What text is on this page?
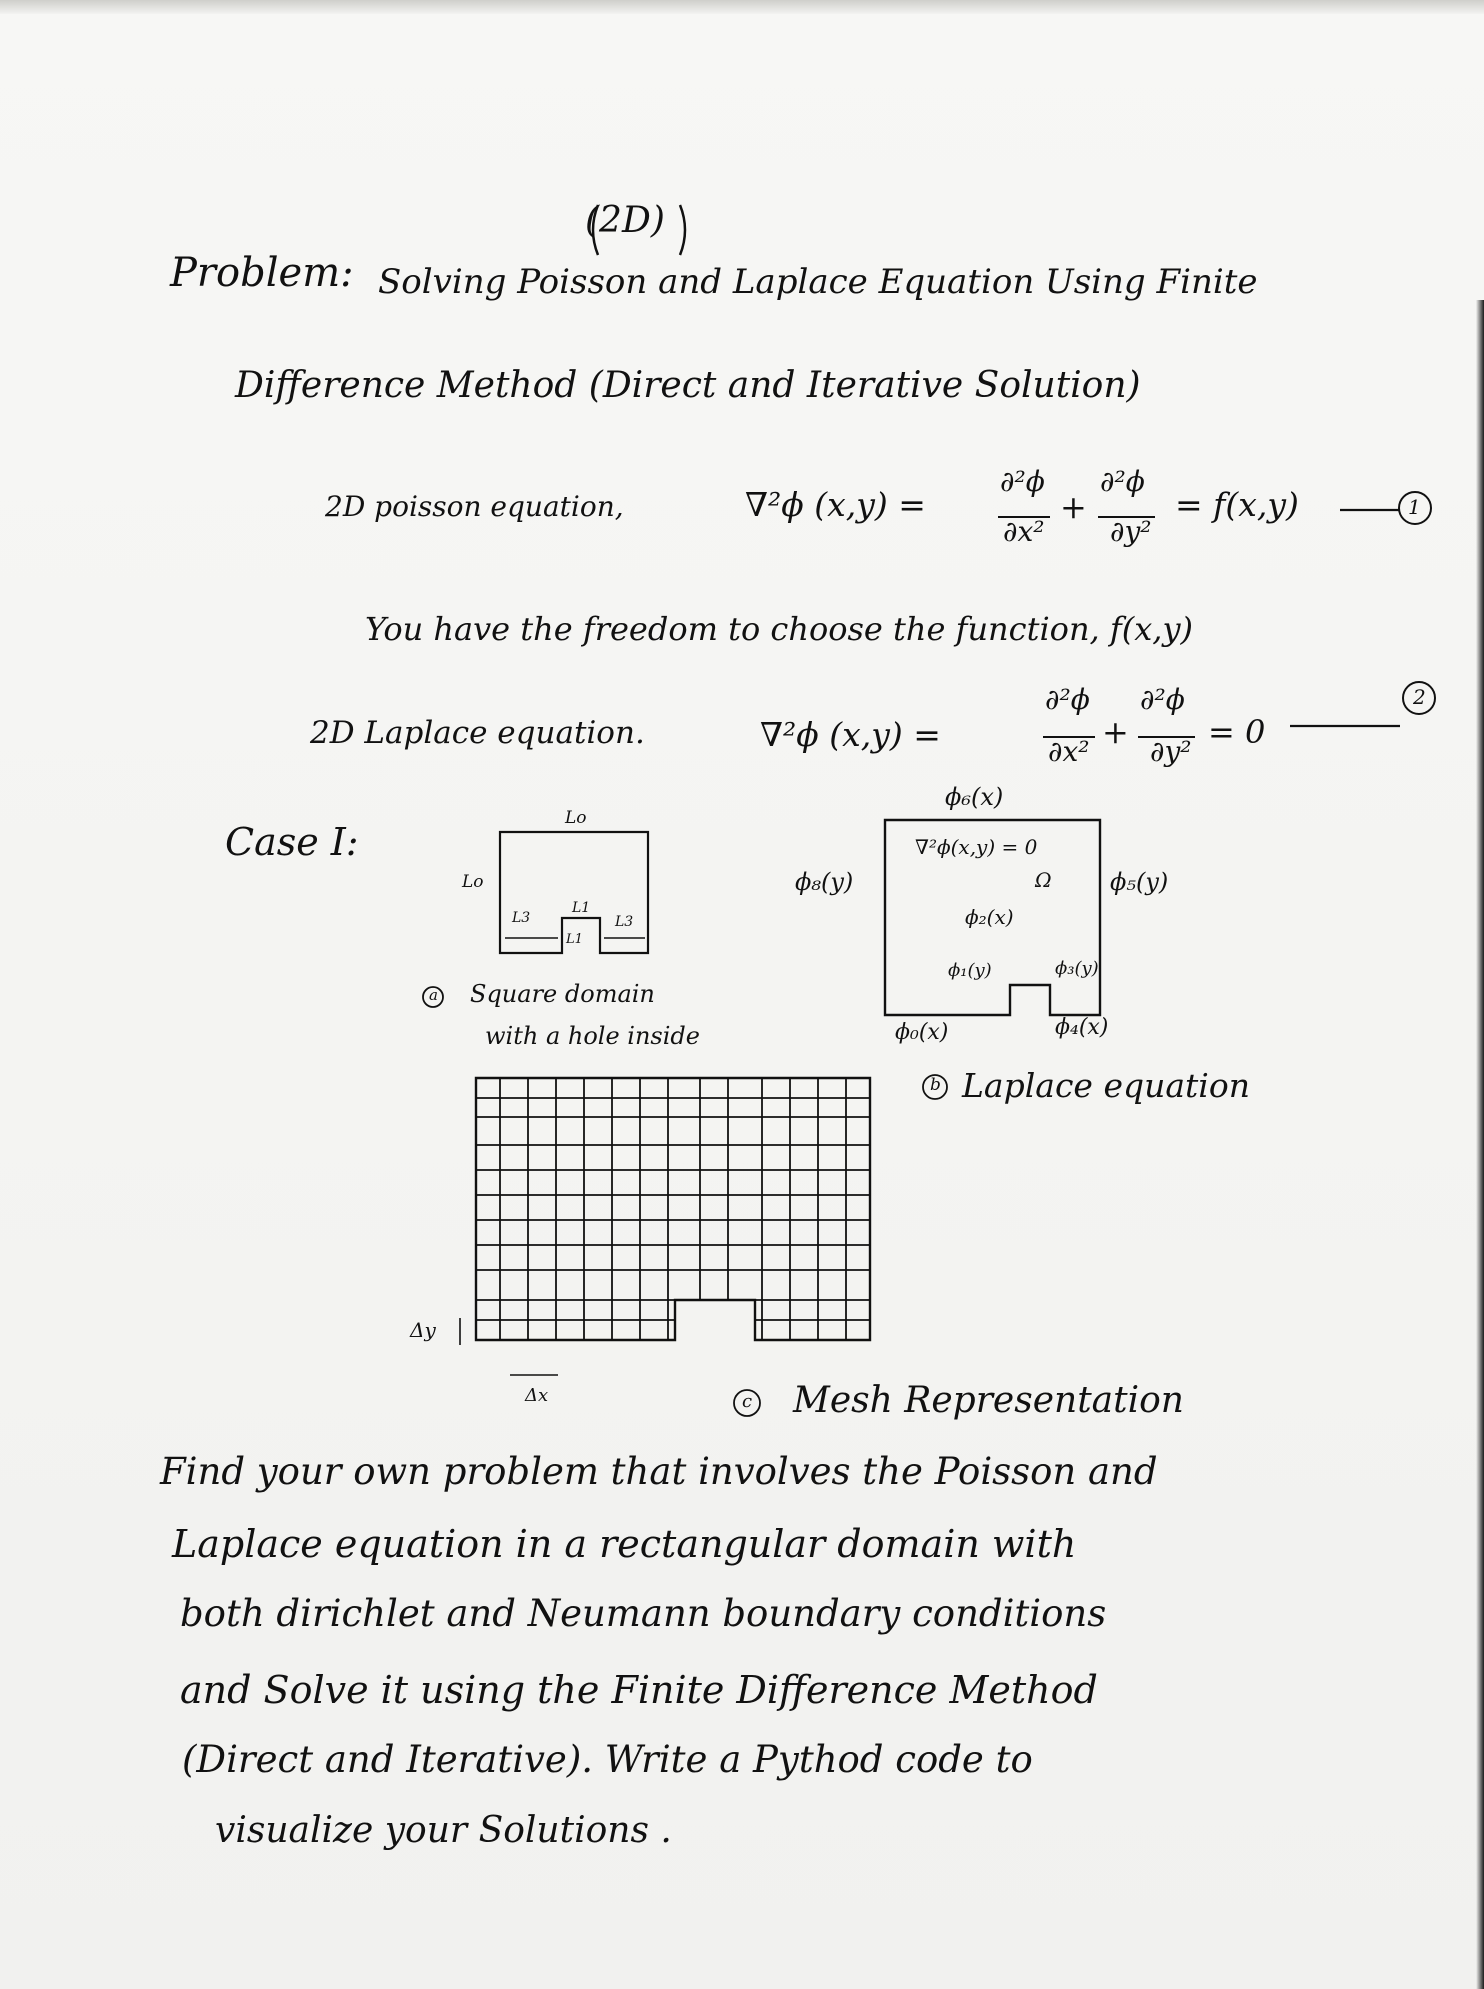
(2D)
Problem: Solving Poisson and Laplace Equation Using Finite
Difference Method (Direct and Iterative Solution)
2D poisson equation,	∇²ϕ (x,y) =
∂²ϕ
∂x²
+
∂²ϕ
∂y²
= f(x,y)	1
You have the freedom to choose the function, f(x,y)
2D Laplace equation.	∇²ϕ (x,y) =
∂²ϕ
∂x²
+
∂²ϕ
∂y²
= 0
2
Case I:
Lo
Lo
L3
L1
L3
L1
a Square domain
with a hole inside
ϕ₆(x)
ϕ₈(y)	ϕ₅(y)
∇²ϕ(x,y) = 0
Ω
ϕ₂(x)
ϕ₁(y)	ϕ₃(y)
ϕ₀(x)	ϕ₄(x)
b Laplace equation
Δy
Δx	c Mesh Representation
Find your own problem that involves the Poisson and
Laplace equation in a rectangular domain with
both dirichlet and Neumann boundary conditions
and Solve it using the Finite Difference Method
(Direct and Iterative). Write a Pythod code to
visualize your Solutions .
